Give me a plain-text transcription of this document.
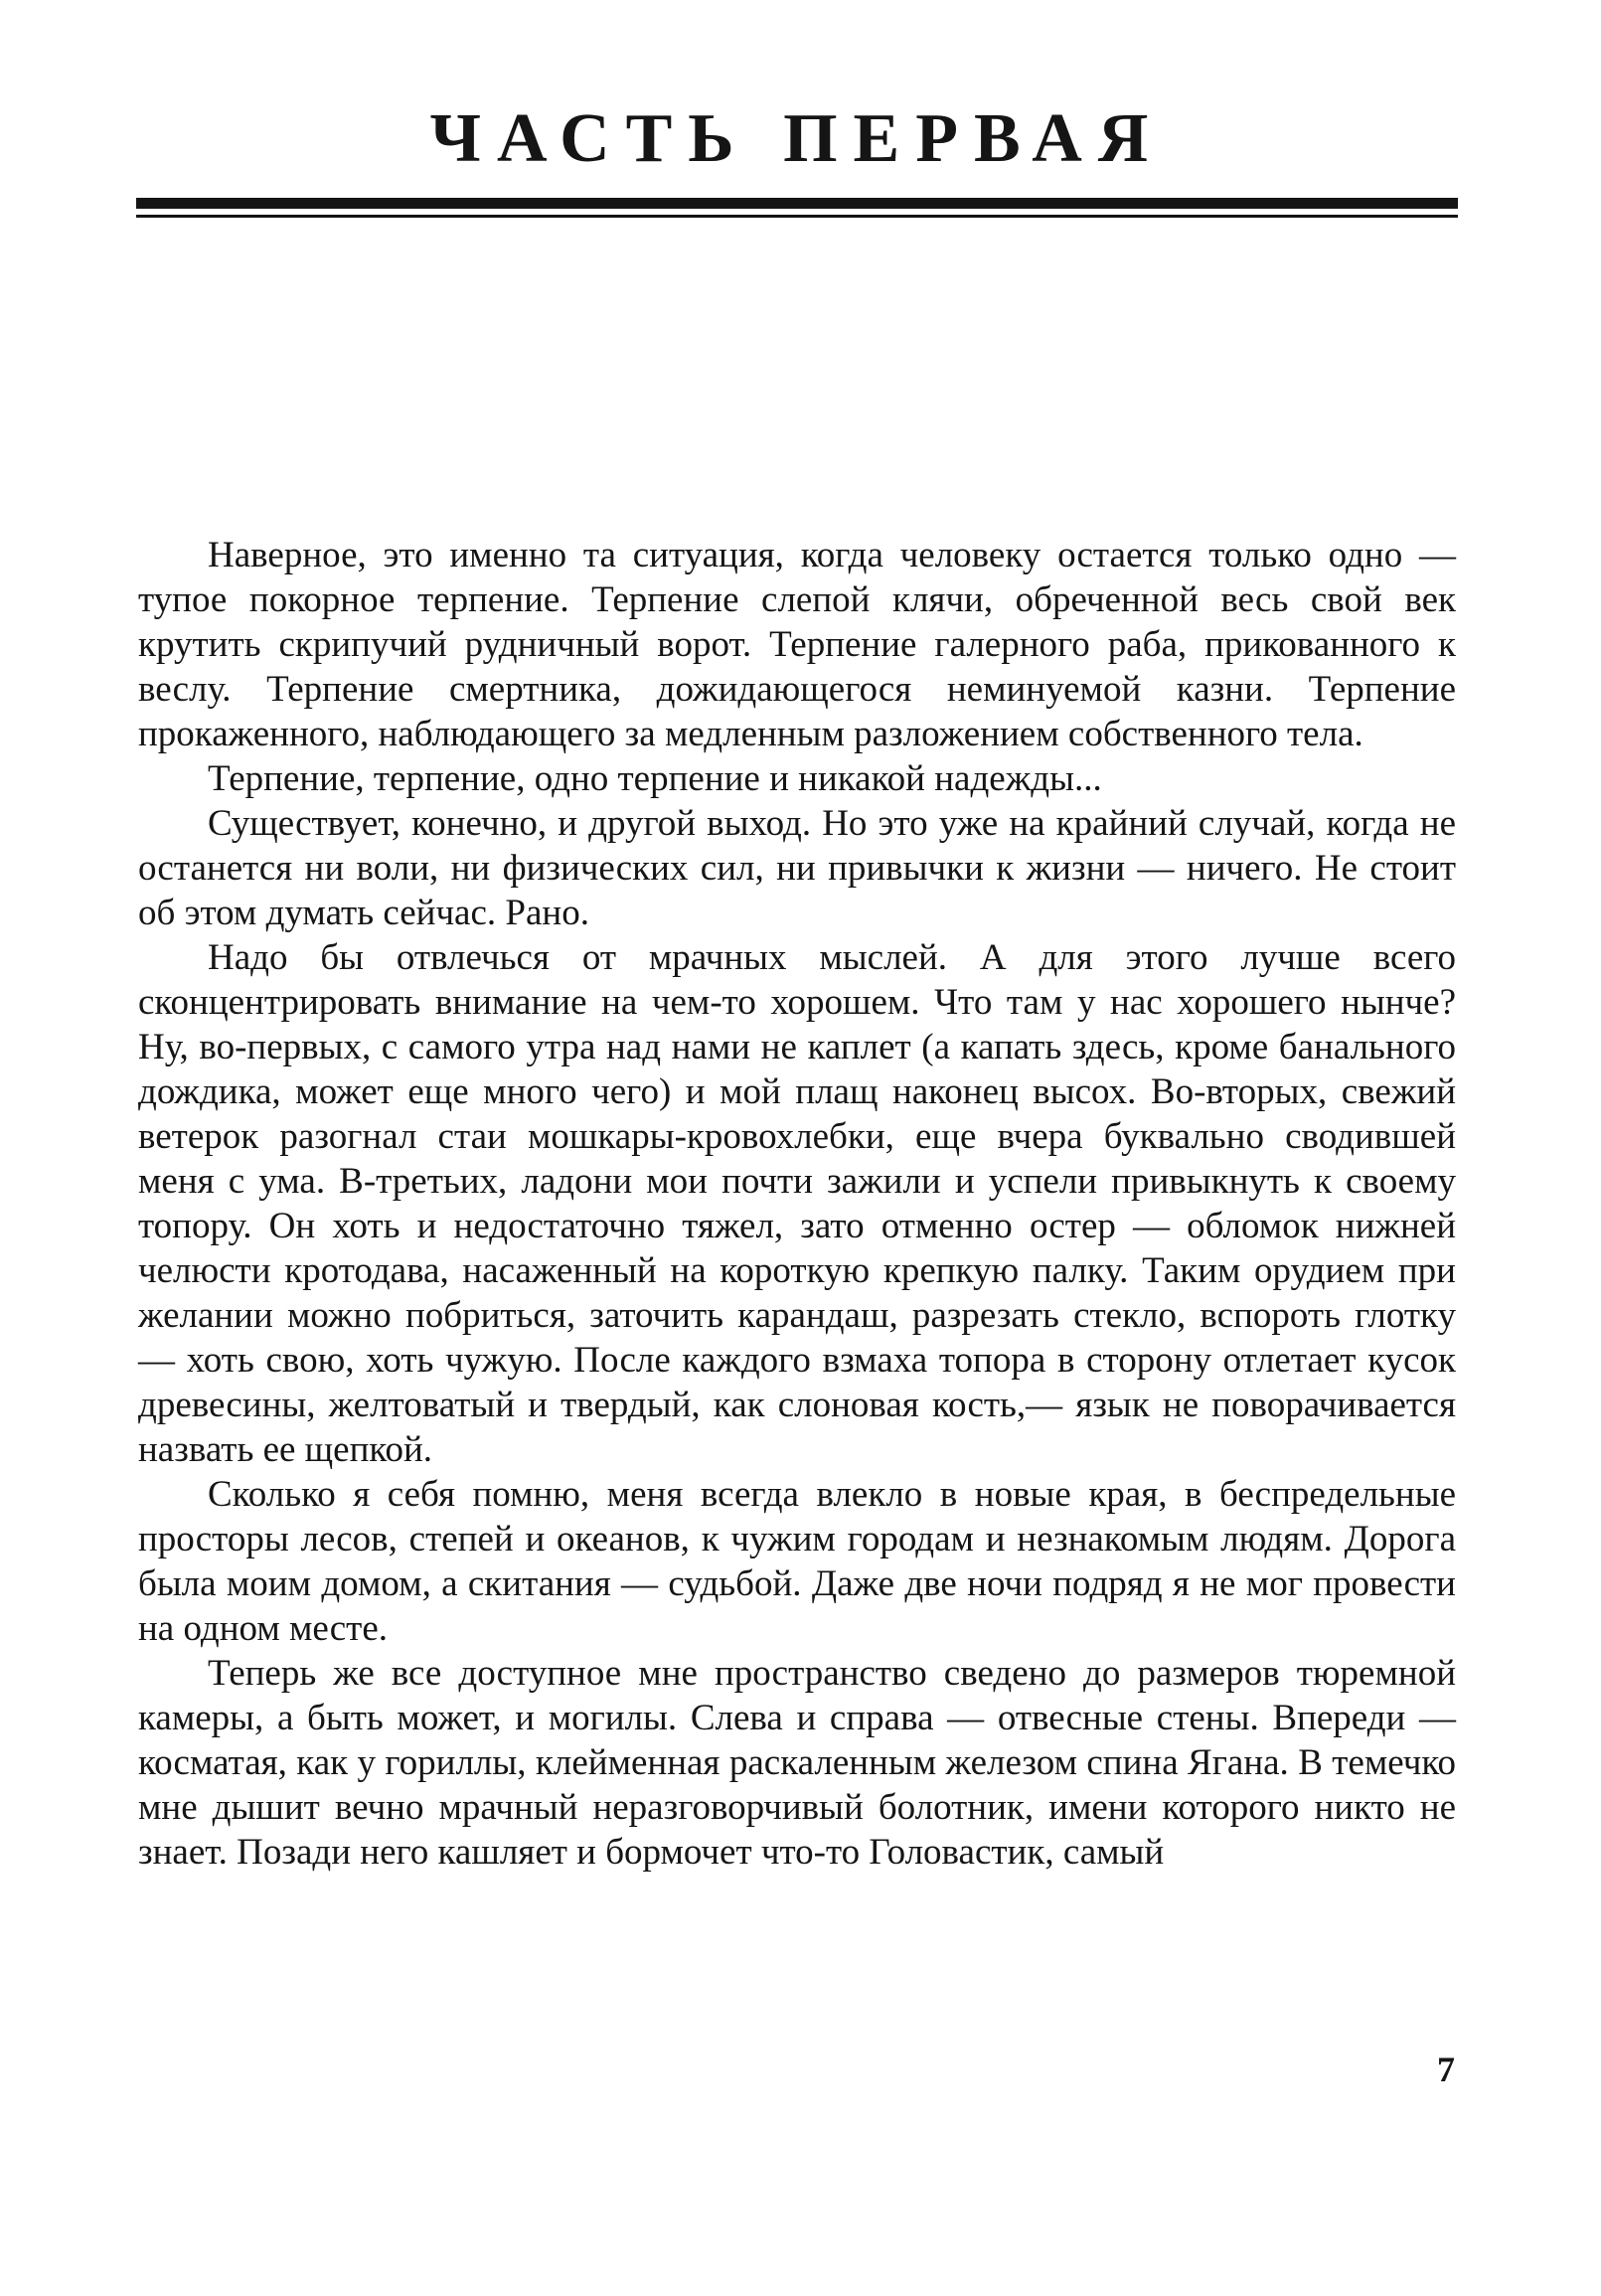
ЧАСТЬ ПЕРВАЯ

Наверное, это именно та ситуация, когда человеку остается только одно — тупое покорное терпение. Терпение слепой клячи, обреченной весь свой век крутить скрипучий рудничный ворот. Терпение галерного раба, прикованного к веслу. Терпение смертника, дожидающегося неминуемой казни. Терпение прокаженного, наблюдающего за медленным разложением собственного тела.

Терпение, терпение, одно терпение и никакой надежды...

Существует, конечно, и другой выход. Но это уже на крайний случай, когда не останется ни воли, ни физических сил, ни привычки к жизни — ничего. Не стоит об этом думать сейчас. Рано.

Надо бы отвлечься от мрачных мыслей. А для этого лучше всего сконцентрировать внимание на чем-то хорошем. Что там у нас хорошего нынче? Ну, во-первых, с самого утра над нами не каплет (а капать здесь, кроме банального дождика, может еще много чего) и мой плащ наконец высох. Во-вторых, свежий ветерок разогнал стаи мошкары-кровохлебки, еще вчера буквально сводившей меня с ума. В-третьих, ладони мои почти зажили и успели привыкнуть к своему топору. Он хоть и недостаточно тяжел, зато отменно остер — обломок нижней челюсти кротодава, насаженный на короткую крепкую палку. Таким орудием при желании можно побриться, заточить карандаш, разрезать стекло, вспороть глотку — хоть свою, хоть чужую. После каждого взмаха топора в сторону отлетает кусок древесины, желтоватый и твердый, как слоновая кость,— язык не поворачивается назвать ее щепкой.

Сколько я себя помню, меня всегда влекло в новые края, в беспредельные просторы лесов, степей и океанов, к чужим городам и незнакомым людям. Дорога была моим домом, а скитания — судьбой. Даже две ночи подряд я не мог провести на одном месте.

Теперь же все доступное мне пространство сведено до размеров тюремной камеры, а быть может, и могилы. Слева и справа — отвесные стены. Впереди — косматая, как у гориллы, клейменная раскаленным железом спина Ягана. В темечко мне дышит вечно мрачный неразговорчивый болотник, имени которого никто не знает. Позади него кашляет и бормочет что-то Головастик, самый

7
